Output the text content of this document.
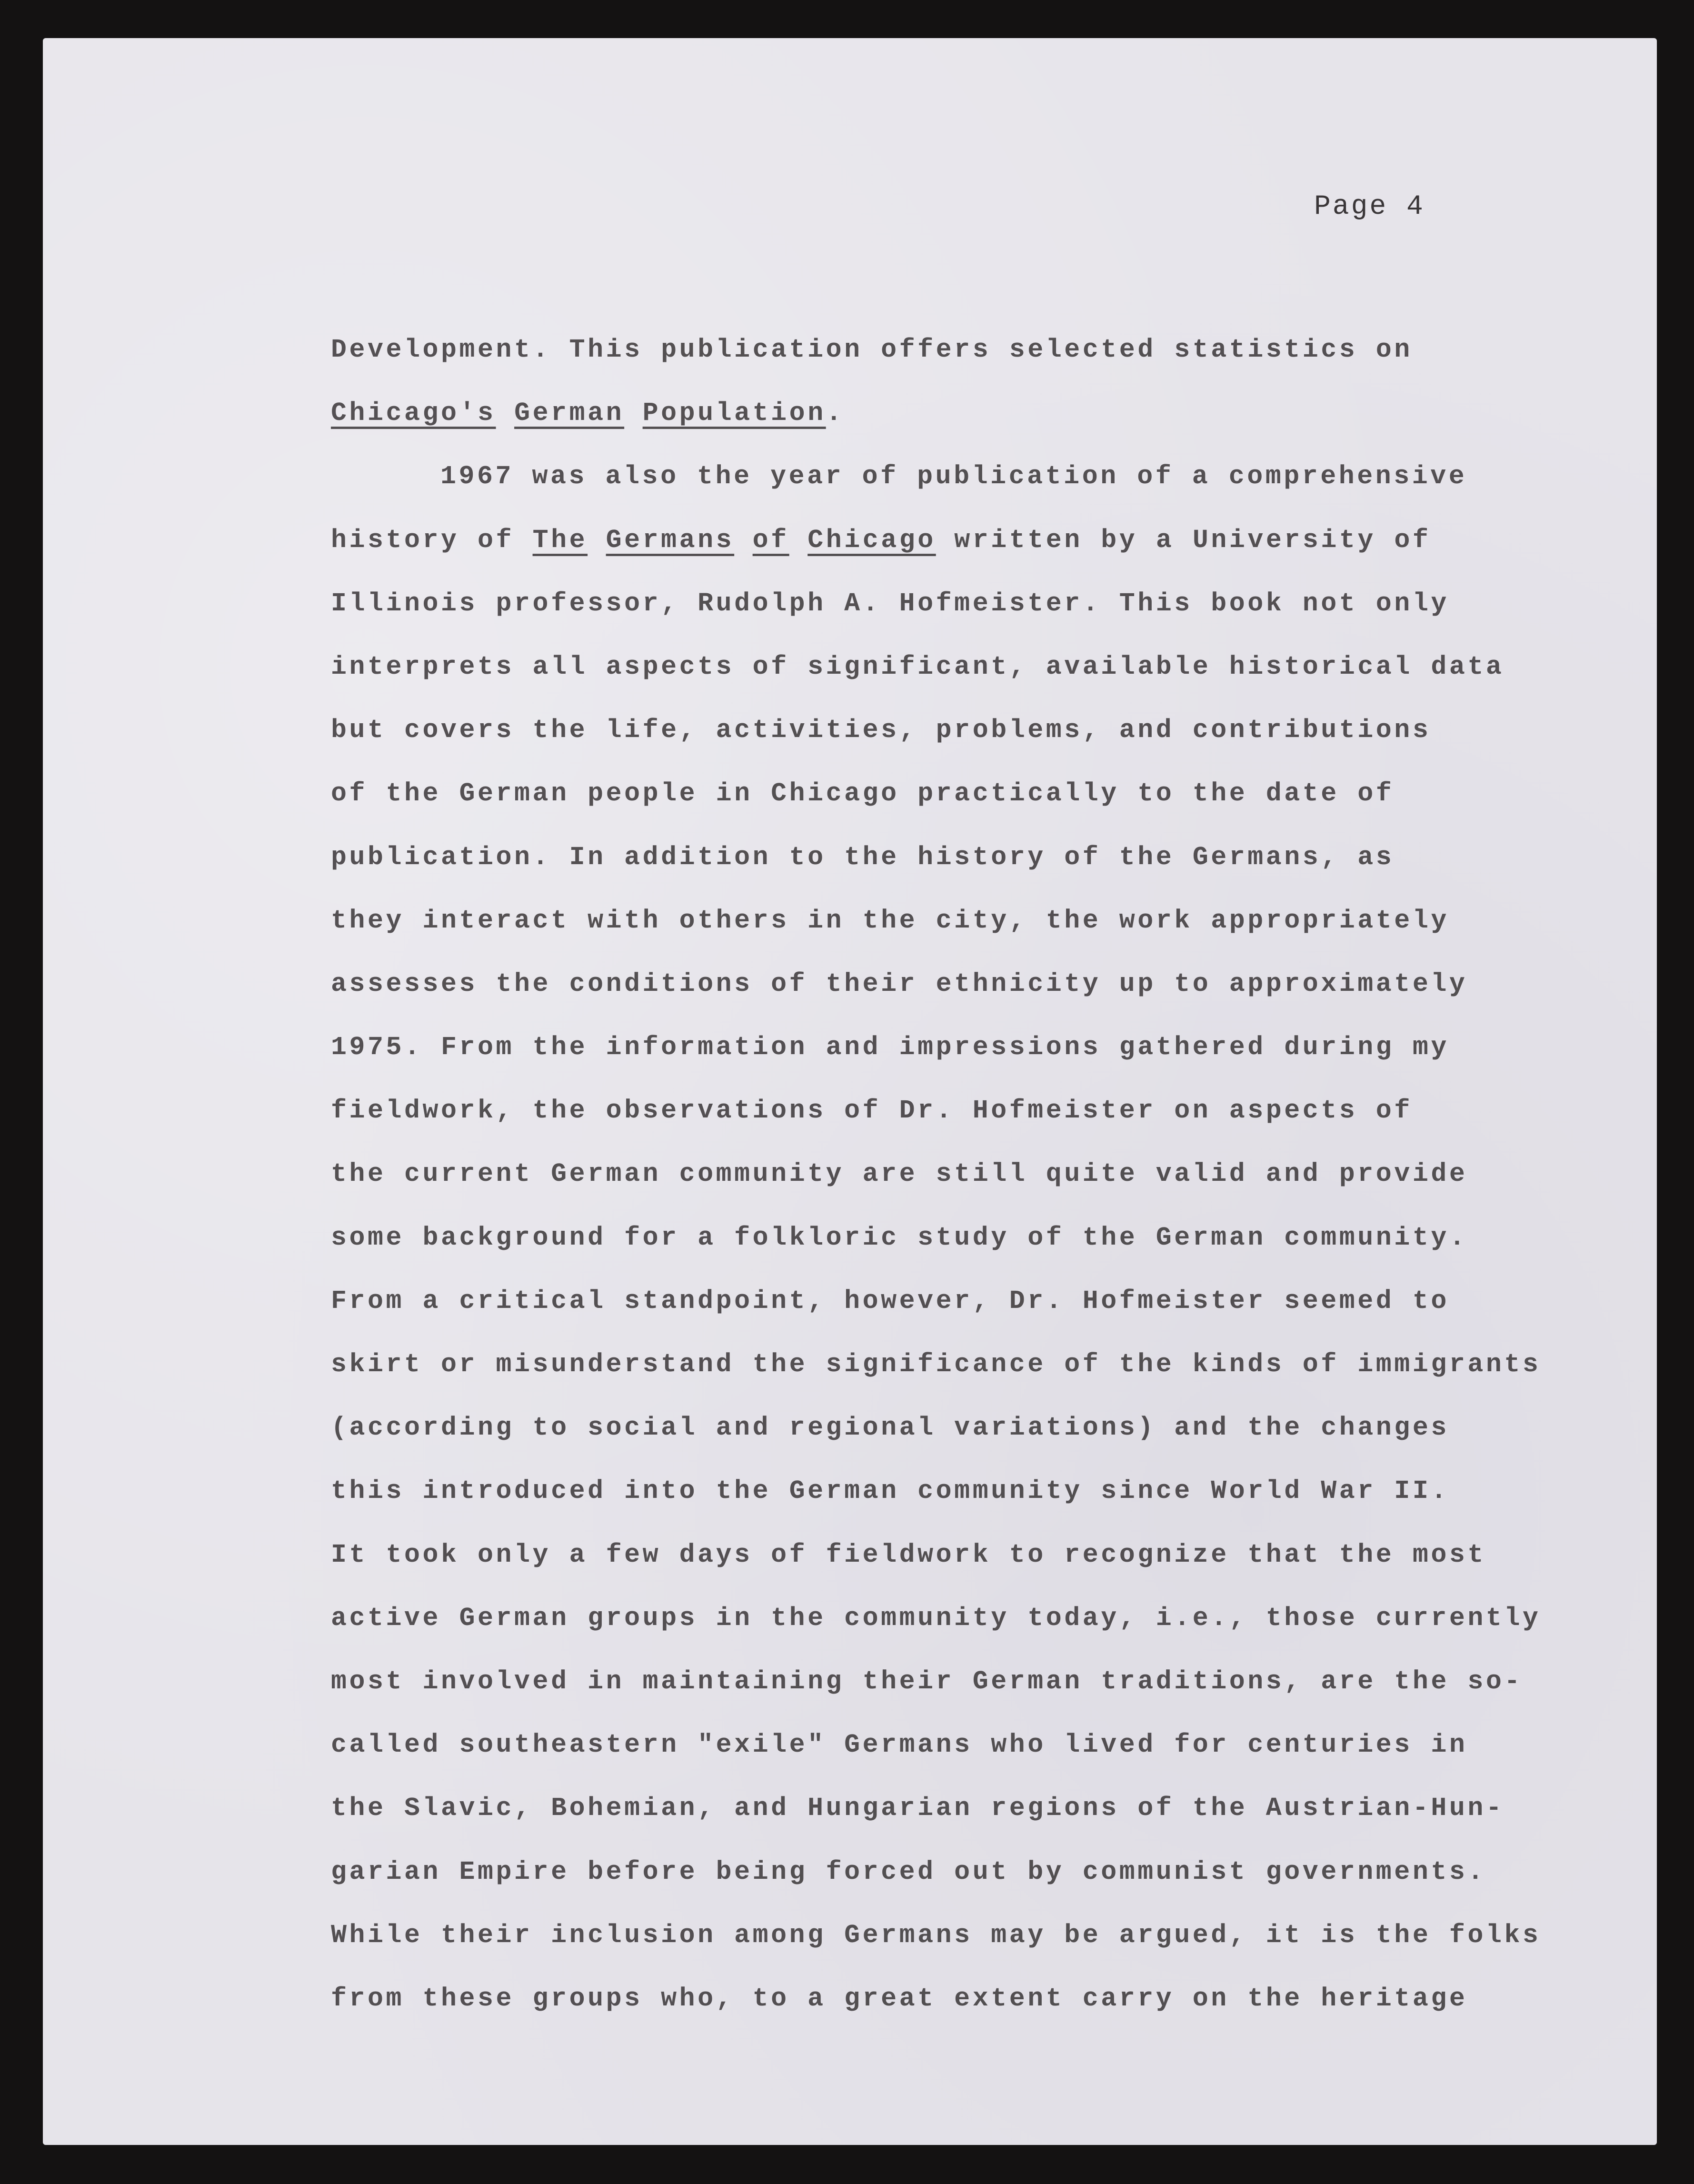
Page 4
Development. This publication offers selected statistics on
Chicago's German Population.
1967 was also the year of publication of a comprehensive
history of The Germans of Chicago written by a University of
Illinois professor, Rudolph A. Hofmeister. This book not only
interprets all aspects of significant, available historical data
but covers the life, activities, problems, and contributions
of the German people in Chicago practically to the date of
publication. In addition to the history of the Germans, as
they interact with others in the city, the work appropriately
assesses the conditions of their ethnicity up to approximately
1975. From the information and impressions gathered during my
fieldwork, the observations of Dr. Hofmeister on aspects of
the current German community are still quite valid and provide
some background for a folkloric study of the German community.
From a critical standpoint, however, Dr. Hofmeister seemed to
skirt or misunderstand the significance of the kinds of immigrants
(according to social and regional variations) and the changes
this introduced into the German community since World War II.
It took only a few days of fieldwork to recognize that the most
active German groups in the community today, i.e., those currently
most involved in maintaining their German traditions, are the so-
called southeastern "exile" Germans who lived for centuries in
the Slavic, Bohemian, and Hungarian regions of the Austrian-Hun-
garian Empire before being forced out by communist governments.
While their inclusion among Germans may be argued, it is the folks
from these groups who, to a great extent carry on the heritage
